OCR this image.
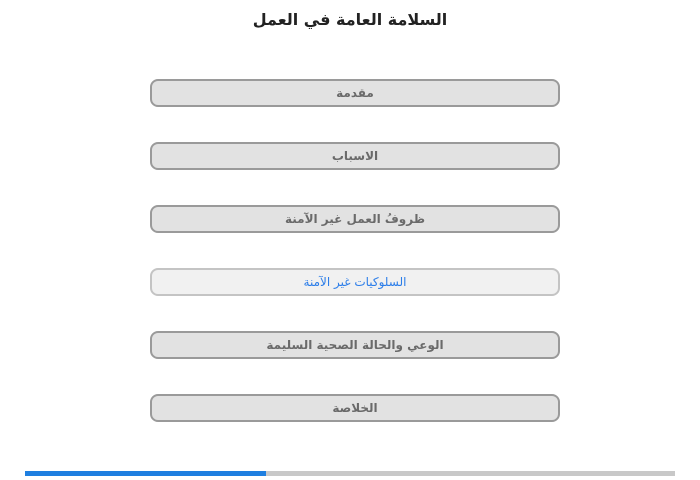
السلامة العامة في العمل
مقدمة
الاسباب
ظروفُ العمل غير الآمنة
السلوكيات غير الآمنة
الوعي والحالة الصحية السليمة
الخلاصة
